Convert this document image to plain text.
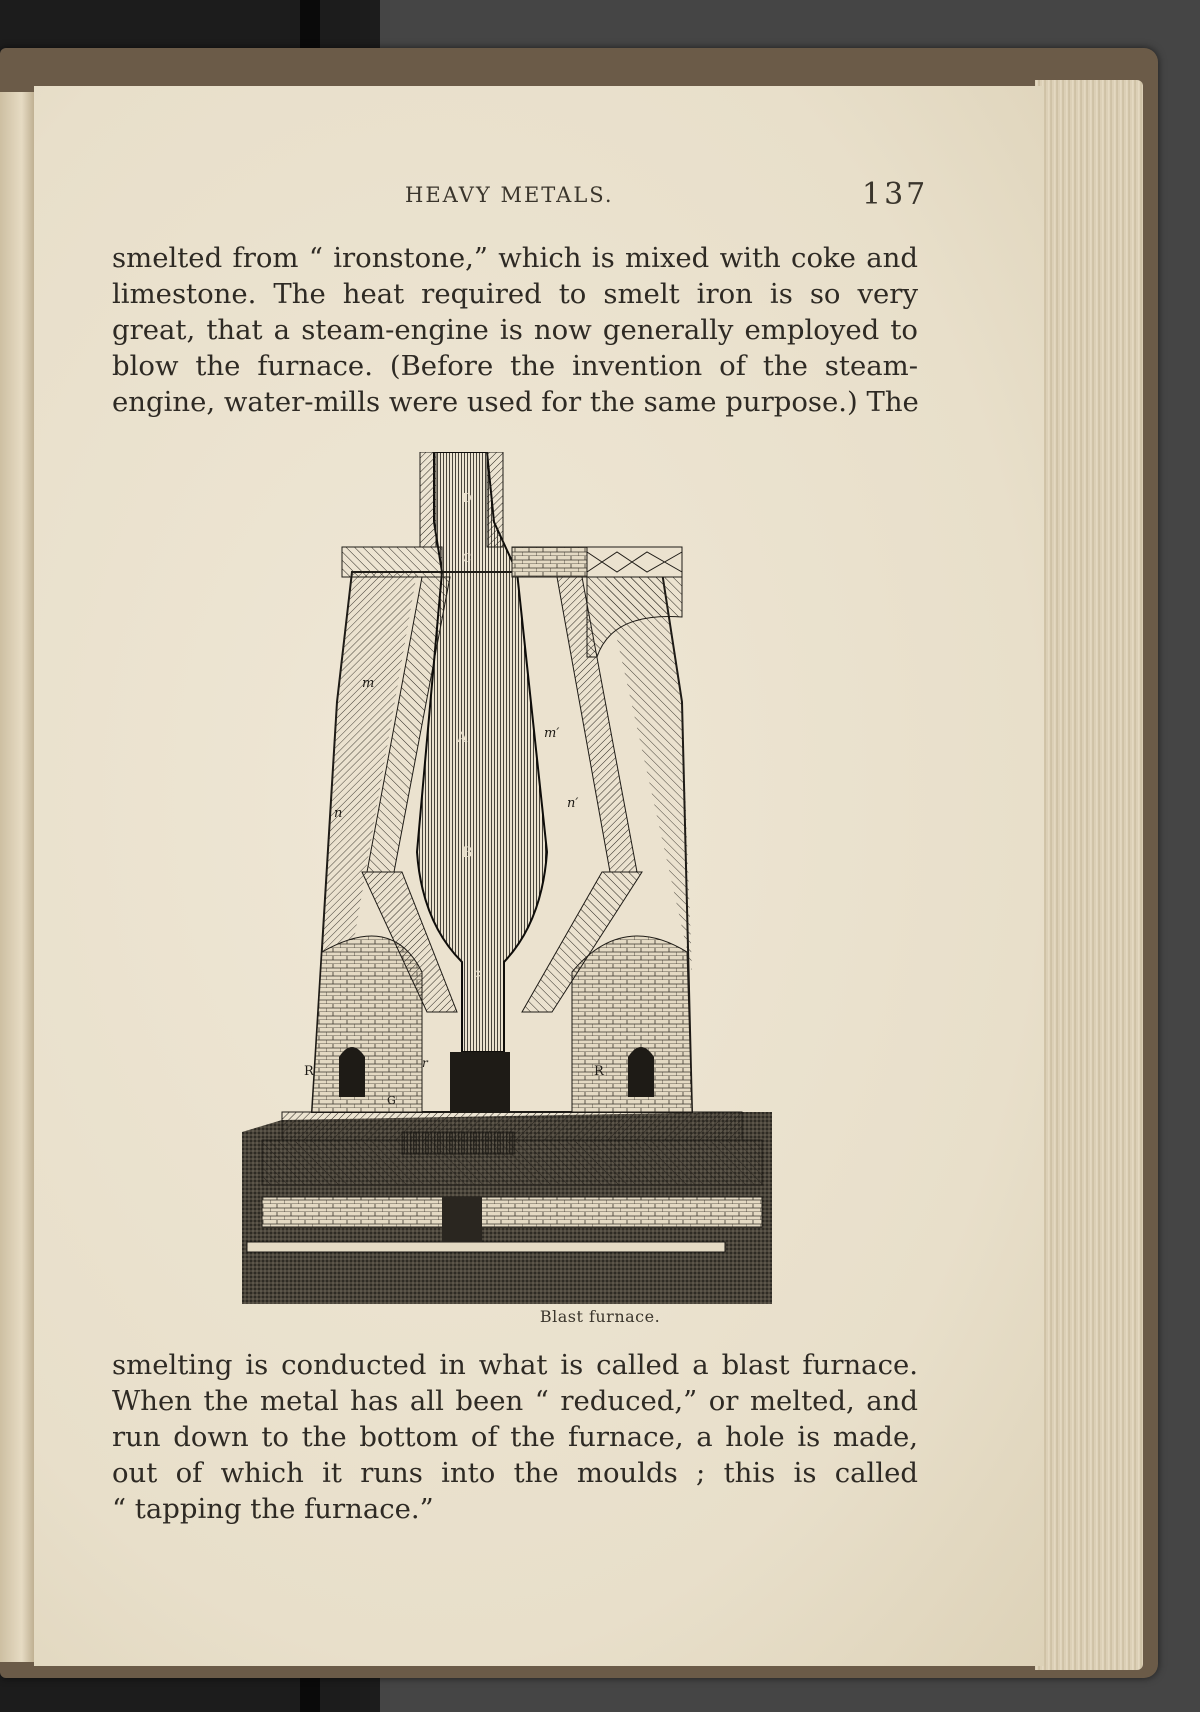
HEAVY METALS.	137
smelted from “ ironstone,” which is mixed with coke and
limestone. The heat required to smelt iron is so very
great, that a steam-engine is now generally employed to
blow the furnace. (Before the invention of the steam-
engine, water-mills were used for the same purpose.) The
D
C
A
B
c
m
m′
n
n′
R	R
r
G
Blast furnace.
smelting is conducted in what is called a blast furnace.
When the metal has all been “ reduced,” or melted, and
run down to the bottom of the furnace, a hole is made,
out of which it runs into the moulds ; this is called
“ tapping the furnace.”
